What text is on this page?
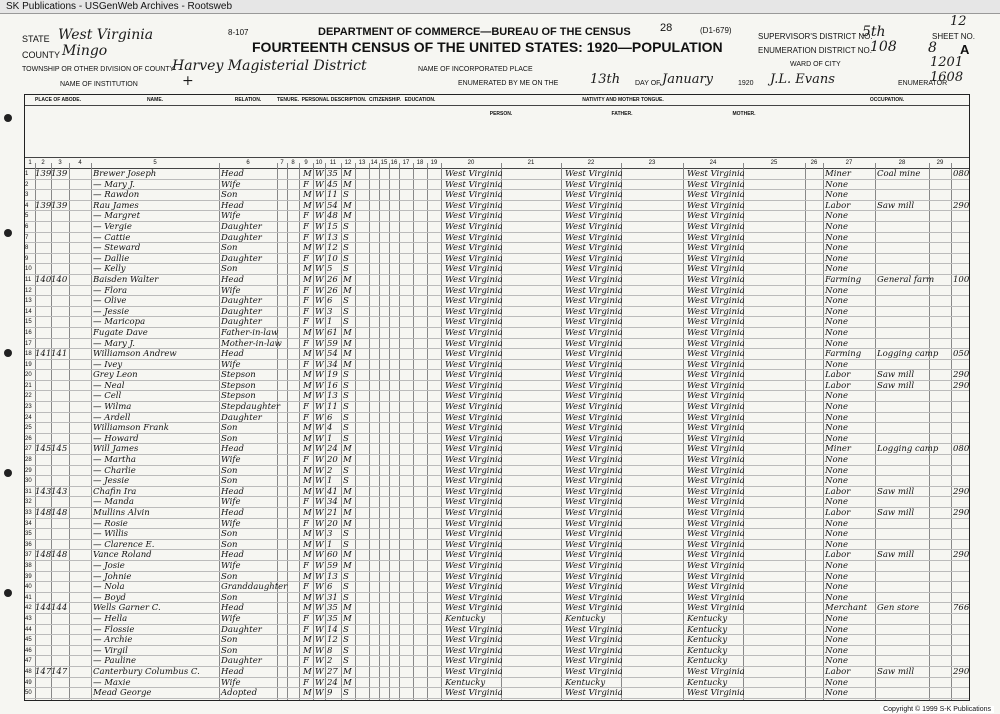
SK Publications - USGenWeb Archives - Rootsweb
8-107	28	(D1-679)
DEPARTMENT OF COMMERCE—BUREAU OF THE CENSUS
FOURTEENTH CENSUS OF THE UNITED STATES: 1920—POPULATION
STATE West Virginia
COUNTY Mingo
TOWNSHIP OR OTHER DIVISION OF COUNTY
Harvey Magisterial District
NAME OF INSTITUTION	+
NAME OF INCORPORATED PLACE
ENUMERATED BY ME ON THE 13th DAY OF January	1920 J.L. Evans	ENUMERATOR
1608
SUPERVISOR'S DISTRICT NO.
5th
ENUMERATION DISTRICT NO.
108
SHEET NO.
8 A
12
WARD OF CITY	1201
PLACE OF ABODE.	NAME.	RELATION.	TENURE. PERSONAL DESCRIPTION. CITIZENSHIP. EDUCATION.	NATIVITY AND MOTHER TONGUE.	OCCUPATION.
PERSON.	FATHER.	MOTHER.
1	2	3	4	5	6	7	8	9	10	11	12	13 14 15 16 17	18	19	20	21	22	23	24	25	26	27	28	29
1 139 139	Brewer Joseph	Head	M W 35 M	West Virginia	West Virginia	West Virginia	Miner	Coal mine	080
2	— Mary J.	Wife	F W 45 M	West Virginia	West Virginia	West Virginia	None
3	— Rawdon	Son	M W 11 S	West Virginia	West Virginia	West Virginia	None
4 139 139	Rau James	Head	M W 54 M	West Virginia	West Virginia	West Virginia	Labor	Saw mill	290
5	— Margret	Wife	F W 48 M	West Virginia	West Virginia	West Virginia	None
6	— Vergie	Daughter	F W 15 S	West Virginia	West Virginia	West Virginia	None
7	— Cattie	Daughter	F W 13 S	West Virginia	West Virginia	West Virginia	None
8	— Steward	Son	M W 12 S	West Virginia	West Virginia	West Virginia	None
9	— Dallie	Daughter	F W 10 S	West Virginia	West Virginia	West Virginia	None
10	— Kelly	Son	M W 5	S	West Virginia	West Virginia	West Virginia	None
11 140 140	Baisden Walter	Head	M W 26 M	West Virginia	West Virginia	West Virginia	Farming	General farm 100
12	— Flora	Wife	F W 26 M	West Virginia	West Virginia	West Virginia	None
13	— Olive	Daughter	F W 6	S	West Virginia	West Virginia	West Virginia	None
14	— Jessie	Daughter	F W 3	S	West Virginia	West Virginia	West Virginia	None
15	— Maricopa	Daughter	F W 1	S	West Virginia	West Virginia	West Virginia	None
16	Fugate Dave	Father-in-law	M W 61 M	West Virginia	West Virginia	West Virginia	None
17	— Mary J.	Mother-in-law F W 59 M	West Virginia	West Virginia	West Virginia	None
18 141 141	Williamson Andrew	Head	M W 54 M	West Virginia	West Virginia	West Virginia	Farming	Logging camp 050
19	— Ivey	Wife	F W 34 M	West Virginia	West Virginia	West Virginia	None
20	Grey Leon	Stepson	M W 19 S	West Virginia	West Virginia	West Virginia	Labor	Saw mill	290
21	— Neal	Stepson	M W 16 S	West Virginia	West Virginia	West Virginia	Labor	Saw mill	290
22	— Cell	Stepson	M W 13 S	West Virginia	West Virginia	West Virginia	None
23	— Wilma	Stepdaughter	F W 11 S	West Virginia	West Virginia	West Virginia	None
24	— Ardell	Daughter	F W 6	S	West Virginia	West Virginia	West Virginia	None
25	Williamson Frank	Son	M W 4	S	West Virginia	West Virginia	West Virginia	None
26	— Howard	Son	M W 1	S	West Virginia	West Virginia	West Virginia	None
27 145 145	Will James	Head	M W 24 M	West Virginia	West Virginia	West Virginia	Miner	Logging camp 080
28	— Martha	Wife	F W 20 M	West Virginia	West Virginia	West Virginia	None
29	— Charlie	Son	M W 2	S	West Virginia	West Virginia	West Virginia	None
30	— Jessie	Son	M W 1	S	West Virginia	West Virginia	West Virginia	None
31 143 143	Chafin Ira	Head	M W 41 M	West Virginia	West Virginia	West Virginia	Labor	Saw mill	290
32	— Manda	Wife	F W 34 M	West Virginia	West Virginia	West Virginia	None
33 148 148	Mullins Alvin	Head	M W 21 M	West Virginia	West Virginia	West Virginia	Labor	Saw mill	290
34	— Rosie	Wife	F W 20 M	West Virginia	West Virginia	West Virginia	None
35	— Willis	Son	M W 3	S	West Virginia	West Virginia	West Virginia	None
36	— Clarence E.	Son	M W 1	S	West Virginia	West Virginia	West Virginia	None
37 148 148	Vance Roland	Head	M W 60 M	West Virginia	West Virginia	West Virginia	Labor	Saw mill	290
38	— Josie	Wife	F W 59 M	West Virginia	West Virginia	West Virginia	None
39	— Johnie	Son	M W 13 S	West Virginia	West Virginia	West Virginia	None
40	— Nola	Granddaughter F W 6	S	West Virginia	West Virginia	West Virginia	None
41	— Boyd	Son	M W 31 S	West Virginia	West Virginia	West Virginia	None
42 144 144	Wells Garner C.	Head	M W 35 M	West Virginia	West Virginia	West Virginia	Merchant	Gen store	766
43	— Hella	Wife	F W 35 M	Kentucky	Kentucky	Kentucky	None
44	— Flossie	Daughter	F W 14 S	West Virginia	West Virginia	Kentucky	None
45	— Archie	Son	M W 12 S	West Virginia	West Virginia	Kentucky	None
46	— Virgil	Son	M W 8	S	West Virginia	West Virginia	Kentucky	None
47	— Pauline	Daughter	F W 2	S	West Virginia	West Virginia	Kentucky	None
48 147 147	Canterbury Columbus C.	Head	M W 27 M	West Virginia	West Virginia	West Virginia	Labor	Saw mill	290
49	— Maxie	Wife	F W 24 M	Kentucky	Kentucky	Kentucky	None
50	Mead George	Adopted	M W 9	S	West Virginia	West Virginia	West Virginia	None
Copyright © 1999 S-K Publications
